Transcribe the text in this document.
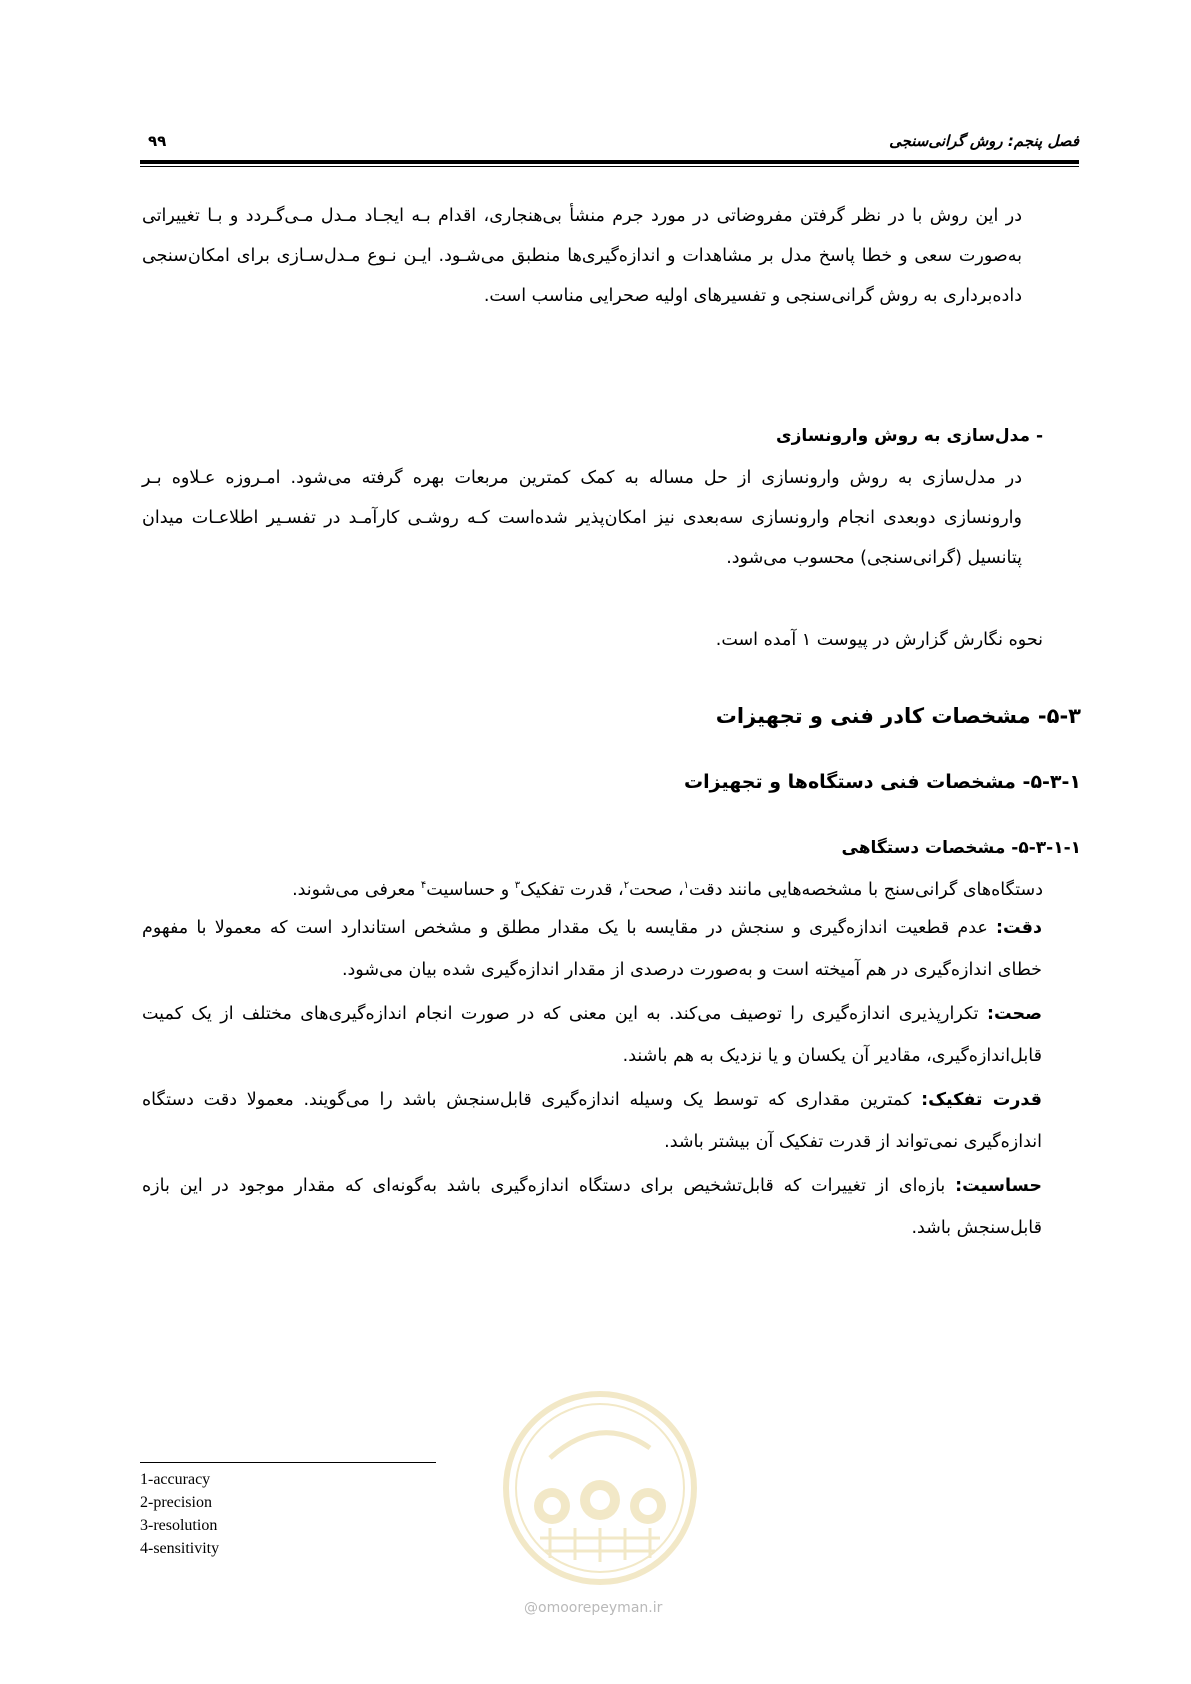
فصل پنجم: روش گرانی‌سنجی
۹۹

در این روش با در نظر گرفتن مفروضاتی در مورد جرم منشأ بی‌هنجاری، اقدام بـه ایجـاد مـدل مـی‌گـردد و بـا تغییراتی به‌صورت سعی و خطا پاسخ مدل بر مشاهدات و اندازه‌گیری‌ها منطبق می‌شـود. ایـن نـوع مـدل‌سـازی برای امکان‌سنجی داده‌برداری به روش گرانی‌سنجی و تفسیرهای اولیه صحرایی مناسب است.

- مدل‌سازی به روش وارونسازی

در مدل‌سازی به روش وارونسازی از حل مساله به کمک کمترین مربعات بهره گرفته می‌شود. امـروزه عـلاوه بـر وارونسازی دوبعدی انجام وارونسازی سه‌بعدی نیز امکان‌پذیر شده‌است کـه روشـی کارآمـد در تفسـیر اطلاعـات میدان پتانسیل (گرانی‌سنجی) محسوب می‌شود.

نحوه نگارش گزارش در پیوست ۱ آمده است.
۵-۳- مشخصات کادر فنی و تجهیزات
۵-۳-۱- مشخصات فنی دستگاه‌ها و تجهیزات
۵-۳-۱-۱- مشخصات دستگاهی

دستگاه‌های گرانی‌سنج با مشخصه‌هایی مانند دقت$^۱$، صحت$^۲$، قدرت تفکیک$^۳$ و حساسیت$^۴$ معرفی می‌شوند.

دقت: عدم قطعیت اندازه‌گیری و سنجش در مقایسه با یک مقدار مطلق و مشخص استاندارد است که معمولا با مفهوم خطای اندازه‌گیری در هم آمیخته است و به‌صورت درصدی از مقدار اندازه‌گیری شده بیان می‌شود.

صحت: تکرارپذیری اندازه‌گیری را توصیف می‌کند. به این معنی که در صورت انجام اندازه‌گیری‌های مختلف از یک کمیت قابل‌اندازه‌گیری، مقادیر آن یکسان و یا نزدیک به هم باشند.

قدرت تفکیک: کمترین مقداری که توسط یک وسیله اندازه‌گیری قابل‌سنجش باشد را می‌گویند. معمولا دقت دستگاه اندازه‌گیری نمی‌تواند از قدرت تفکیک آن بیشتر باشد.

حساسیت: بازه‌ای از تغییرات که قابل‌تشخیص برای دستگاه اندازه‌گیری باشد به‌گونه‌ای که مقدار موجود در این بازه قابل‌سنجش باشد.

1-accuracy
2-precision
3-resolution
4-sensitivity
@omoorepeyman.ir
